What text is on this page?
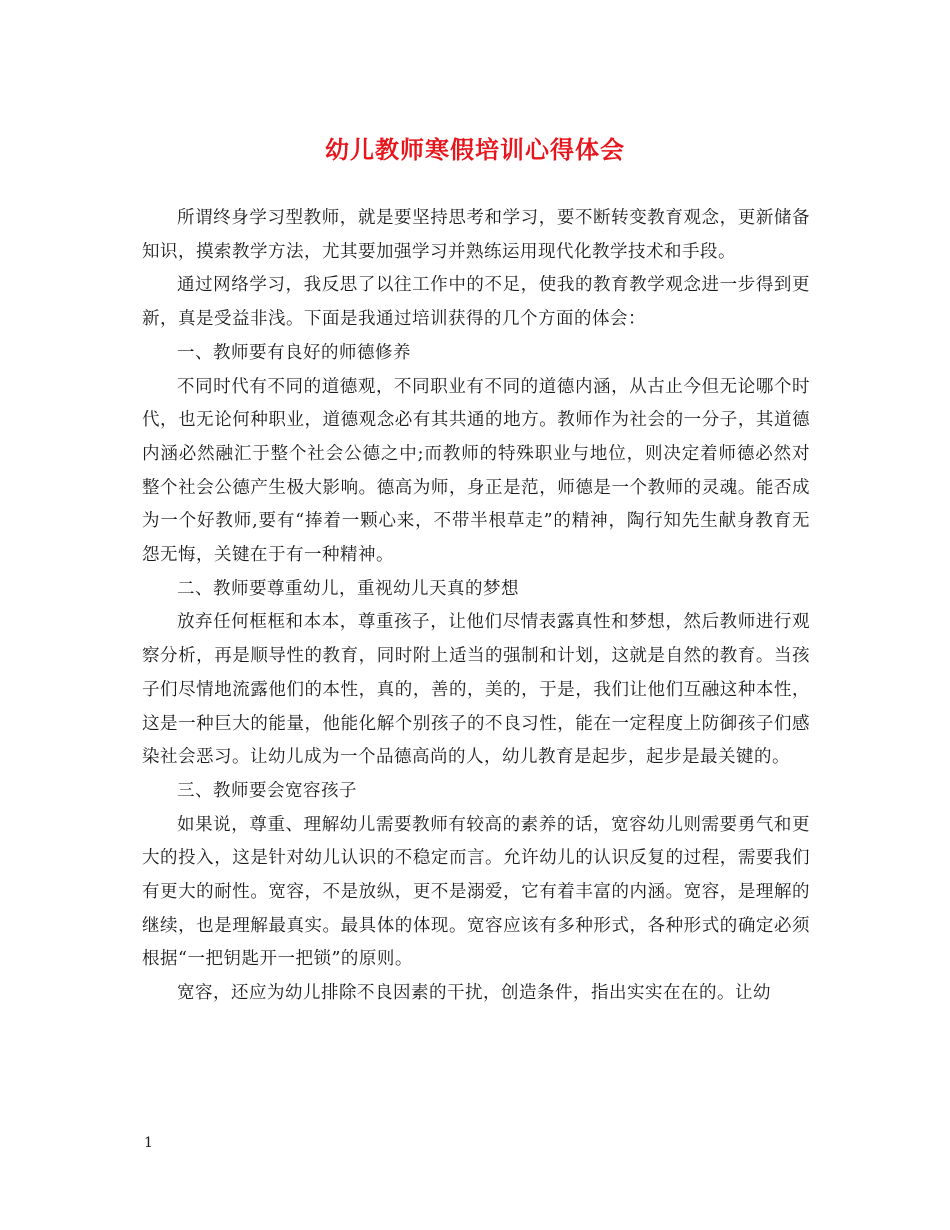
幼儿教师寒假培训心得体会

所谓终身学习型教师，就是要坚持思考和学习，要不断转变教育观念，更新储备知识，摸索教学方法，尤其要加强学习并熟练运用现代化教学技术和手段。

通过网络学习，我反思了以往工作中的不足，使我的教育教学观念进一步得到更新，真是受益非浅。下面是我通过培训获得的几个方面的体会：

一、教师要有良好的师德修养

不同时代有不同的道德观，不同职业有不同的道德内涵，从古止今但无论哪个时代，也无论何种职业，道德观念必有其共通的地方。教师作为社会的一分子，其道德内涵必然融汇于整个社会公德之中;而教师的特殊职业与地位，则决定着师德必然对整个社会公德产生极大影响。德高为师，身正是范，师德是一个教师的灵魂。能否成为一个好教师,要有“捧着一颗心来，不带半根草走”的精神，陶行知先生献身教育无怨无悔，关键在于有一种精神。

二、教师要尊重幼儿，重视幼儿天真的梦想

放弃任何框框和本本，尊重孩子，让他们尽情表露真性和梦想，然后教师进行观察分析，再是顺导性的教育，同时附上适当的强制和计划，这就是自然的教育。当孩子们尽情地流露他们的本性，真的，善的，美的，于是，我们让他们互融这种本性，这是一种巨大的能量，他能化解个别孩子的不良习性，能在一定程度上防御孩子们感染社会恶习。让幼儿成为一个品德高尚的人，幼儿教育是起步，起步是最关键的。

三、教师要会宽容孩子

如果说，尊重、理解幼儿需要教师有较高的素养的话，宽容幼儿则需要勇气和更大的投入，这是针对幼儿认识的不稳定而言。允许幼儿的认识反复的过程，需要我们有更大的耐性。宽容，不是放纵，更不是溺爱，它有着丰富的内涵。宽容，是理解的继续，也是理解最真实。最具体的体现。宽容应该有多种形式，各种形式的确定必须根据“一把钥匙开一把锁”的原则。

宽容，还应为幼儿排除不良因素的干扰，创造条件，指出实实在在的。让幼

1
